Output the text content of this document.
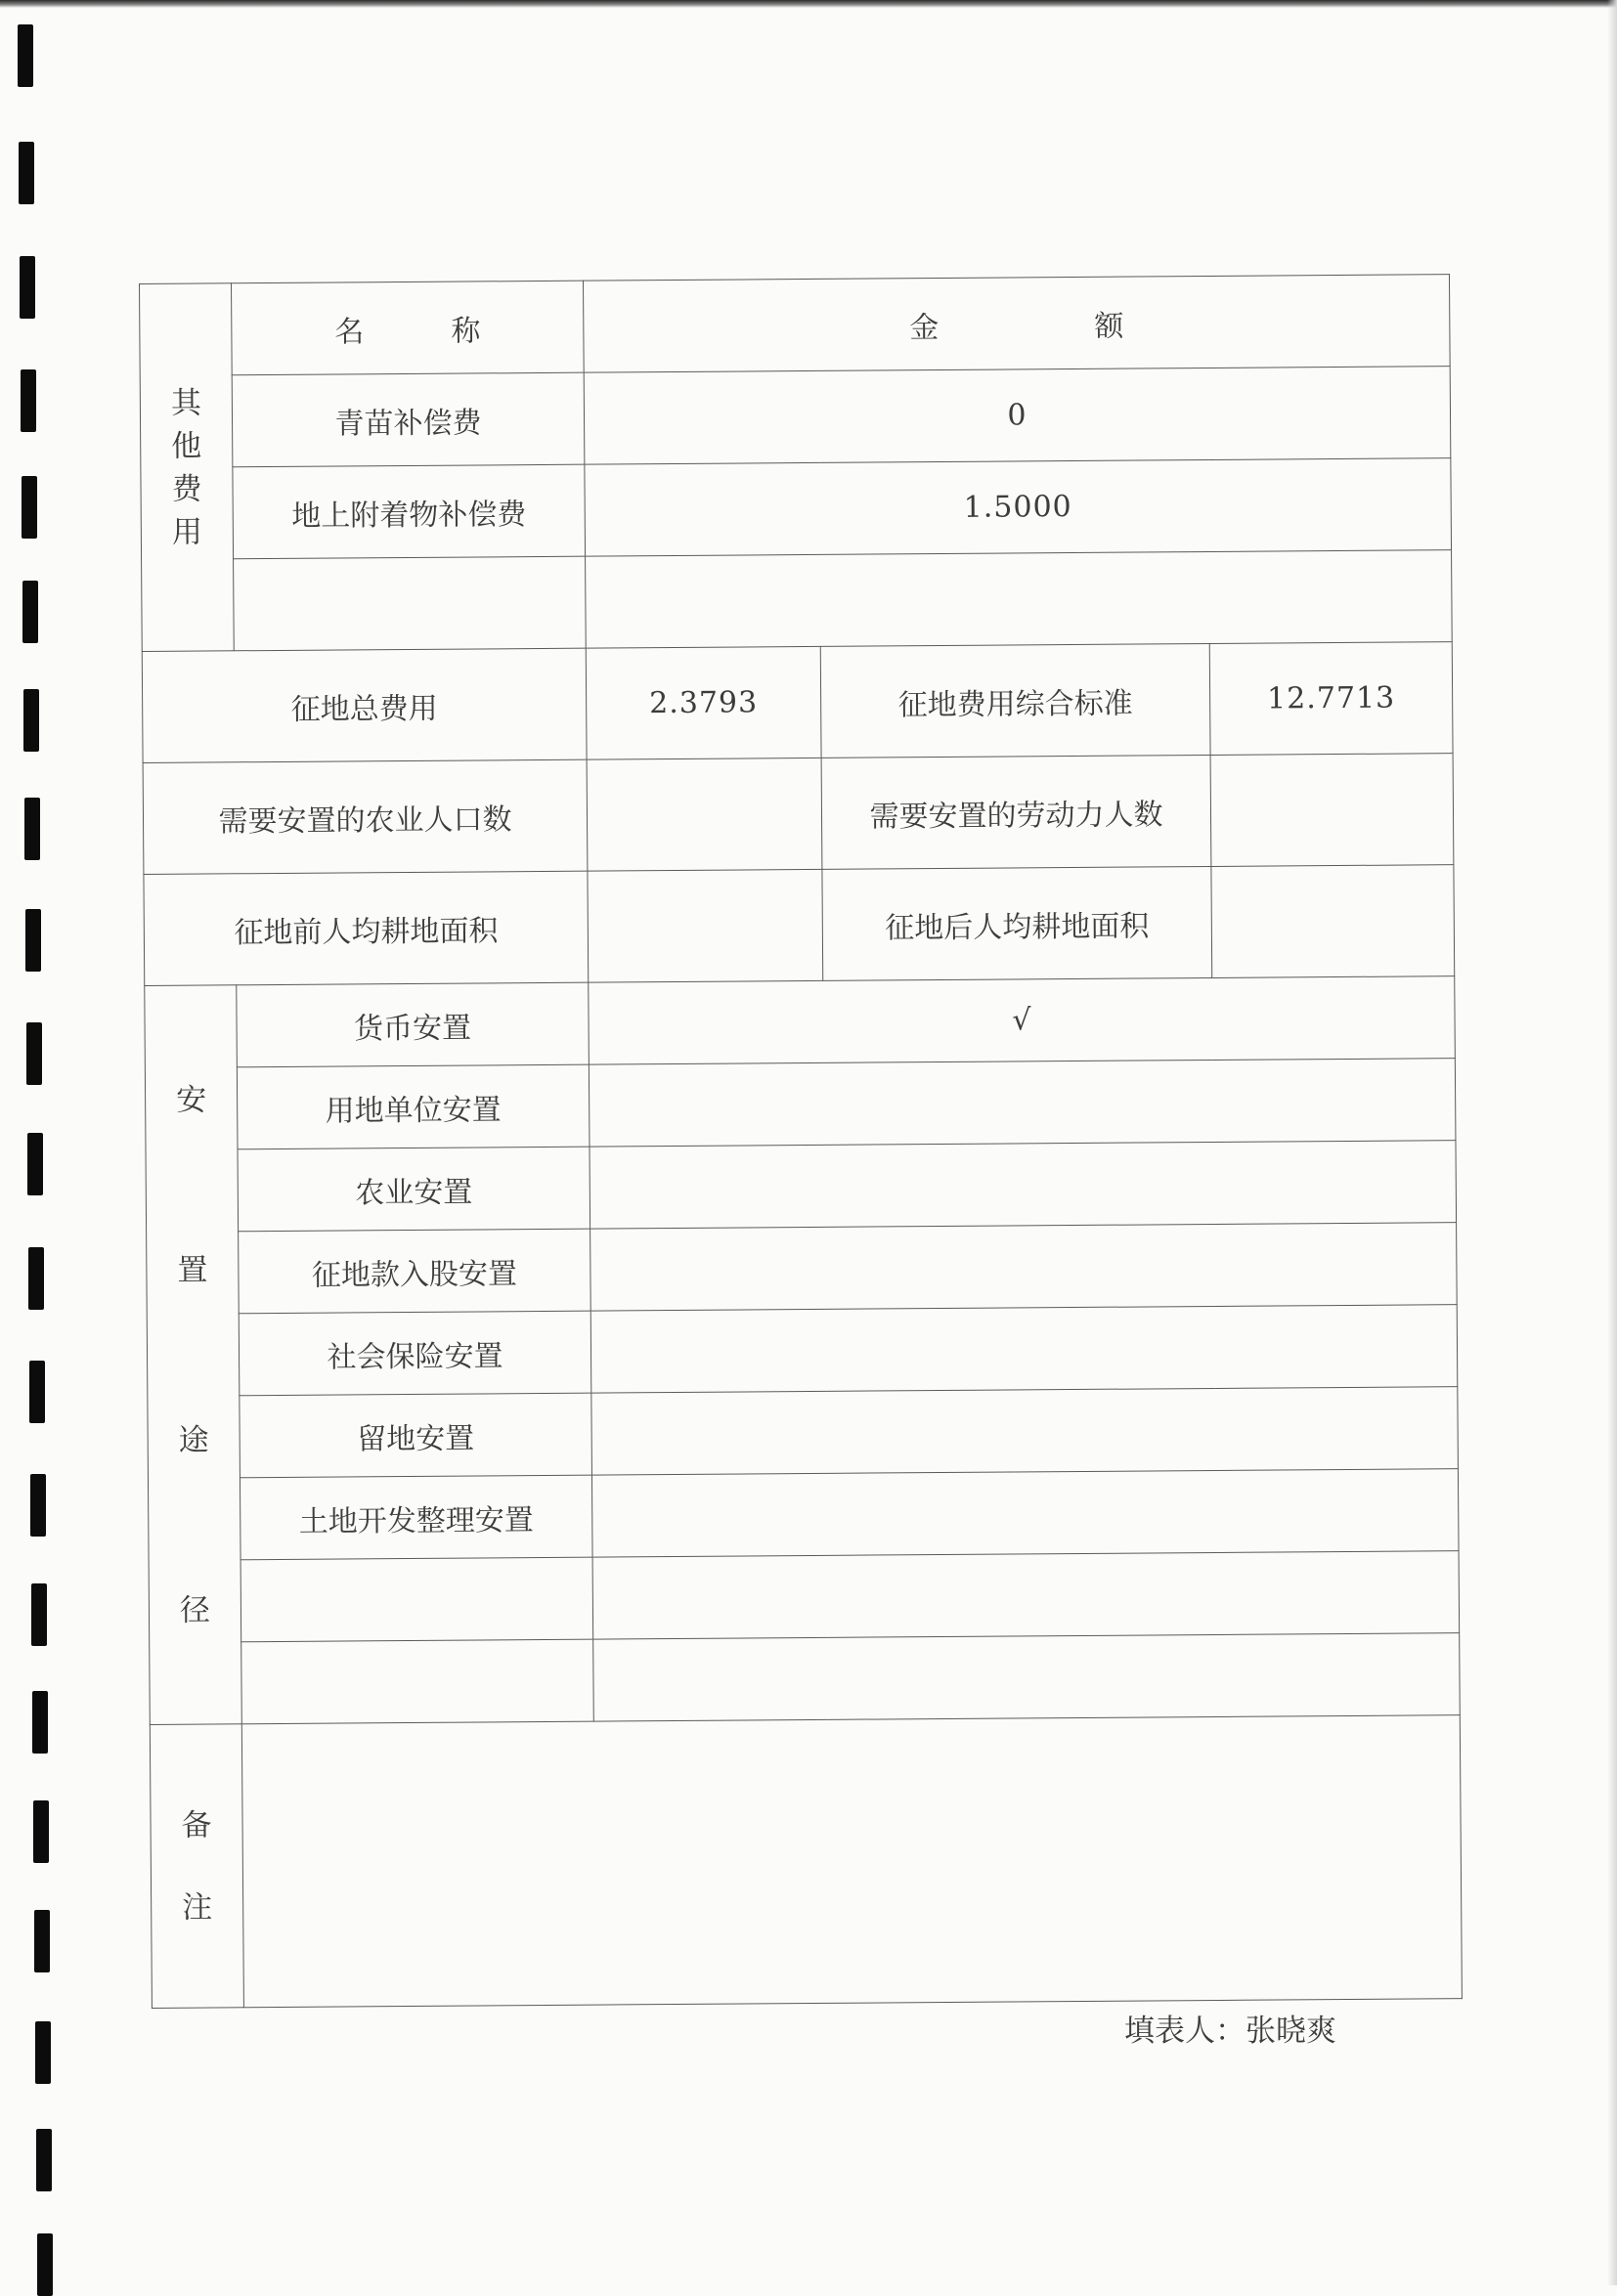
其他费用	名 称	金 额		
	青苗补偿费	0		
	地上附着物补偿费	1.5000		

征地总费用		2.3793	征地费用综合标准	12.7713
需要安置的农业人口数			需要安置的劳动力人数	
征地前人均耕地面积			征地后人均耕地面积	

安
置
途
径	货币安置	√		
	用地单位安置			
	农业安置			
	征地款入股安置			
	社会保险安置			
	留地安置			
	土地开发整理安置			

备
注				

填表人：张晓爽
